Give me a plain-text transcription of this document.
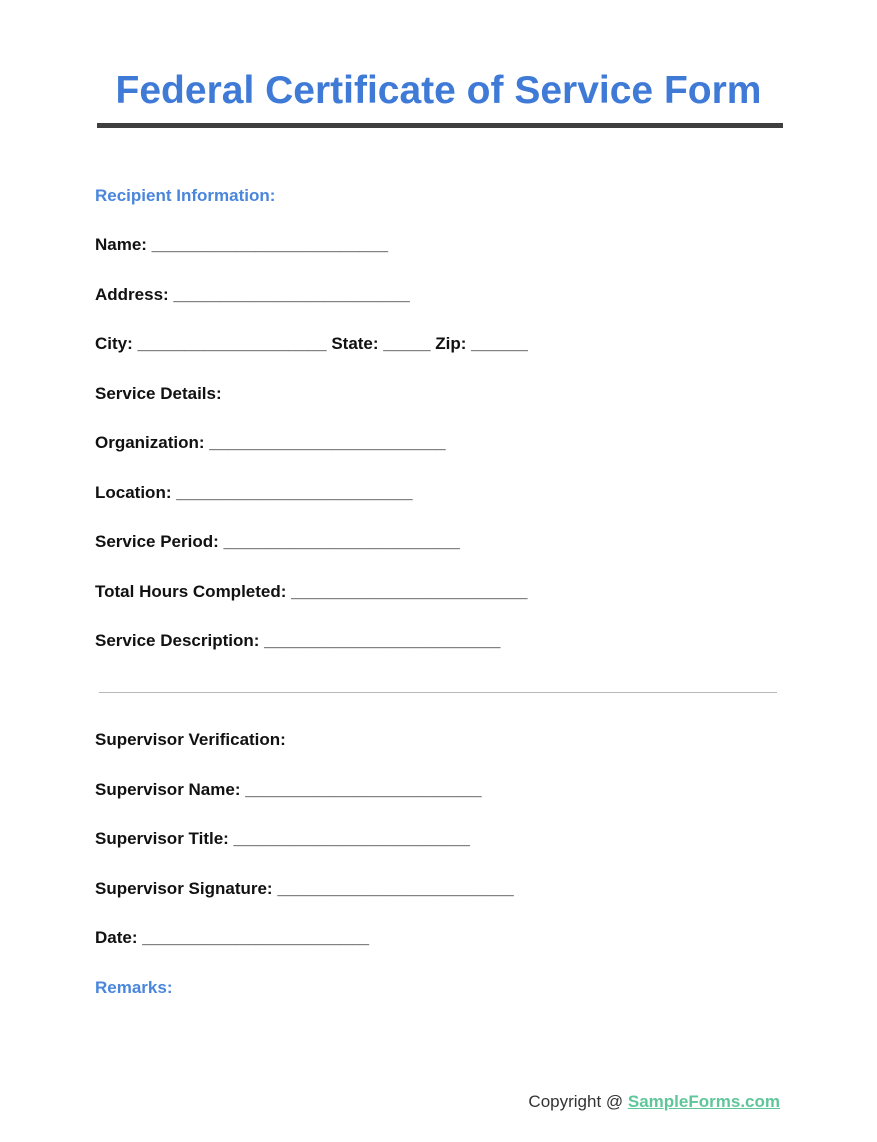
Federal Certificate of Service Form
Recipient Information:
Name: _________________________
Address: _________________________
City: ____________________ State: _____ Zip: ______
Service Details:
Organization: _________________________
Location: _________________________
Service Period: _________________________
Total Hours Completed: _________________________
Service Description: _________________________
Supervisor Verification:
Supervisor Name: _________________________
Supervisor Title: _________________________
Supervisor Signature: _________________________
Date: ________________________
Remarks:
Copyright @ SampleForms.com
